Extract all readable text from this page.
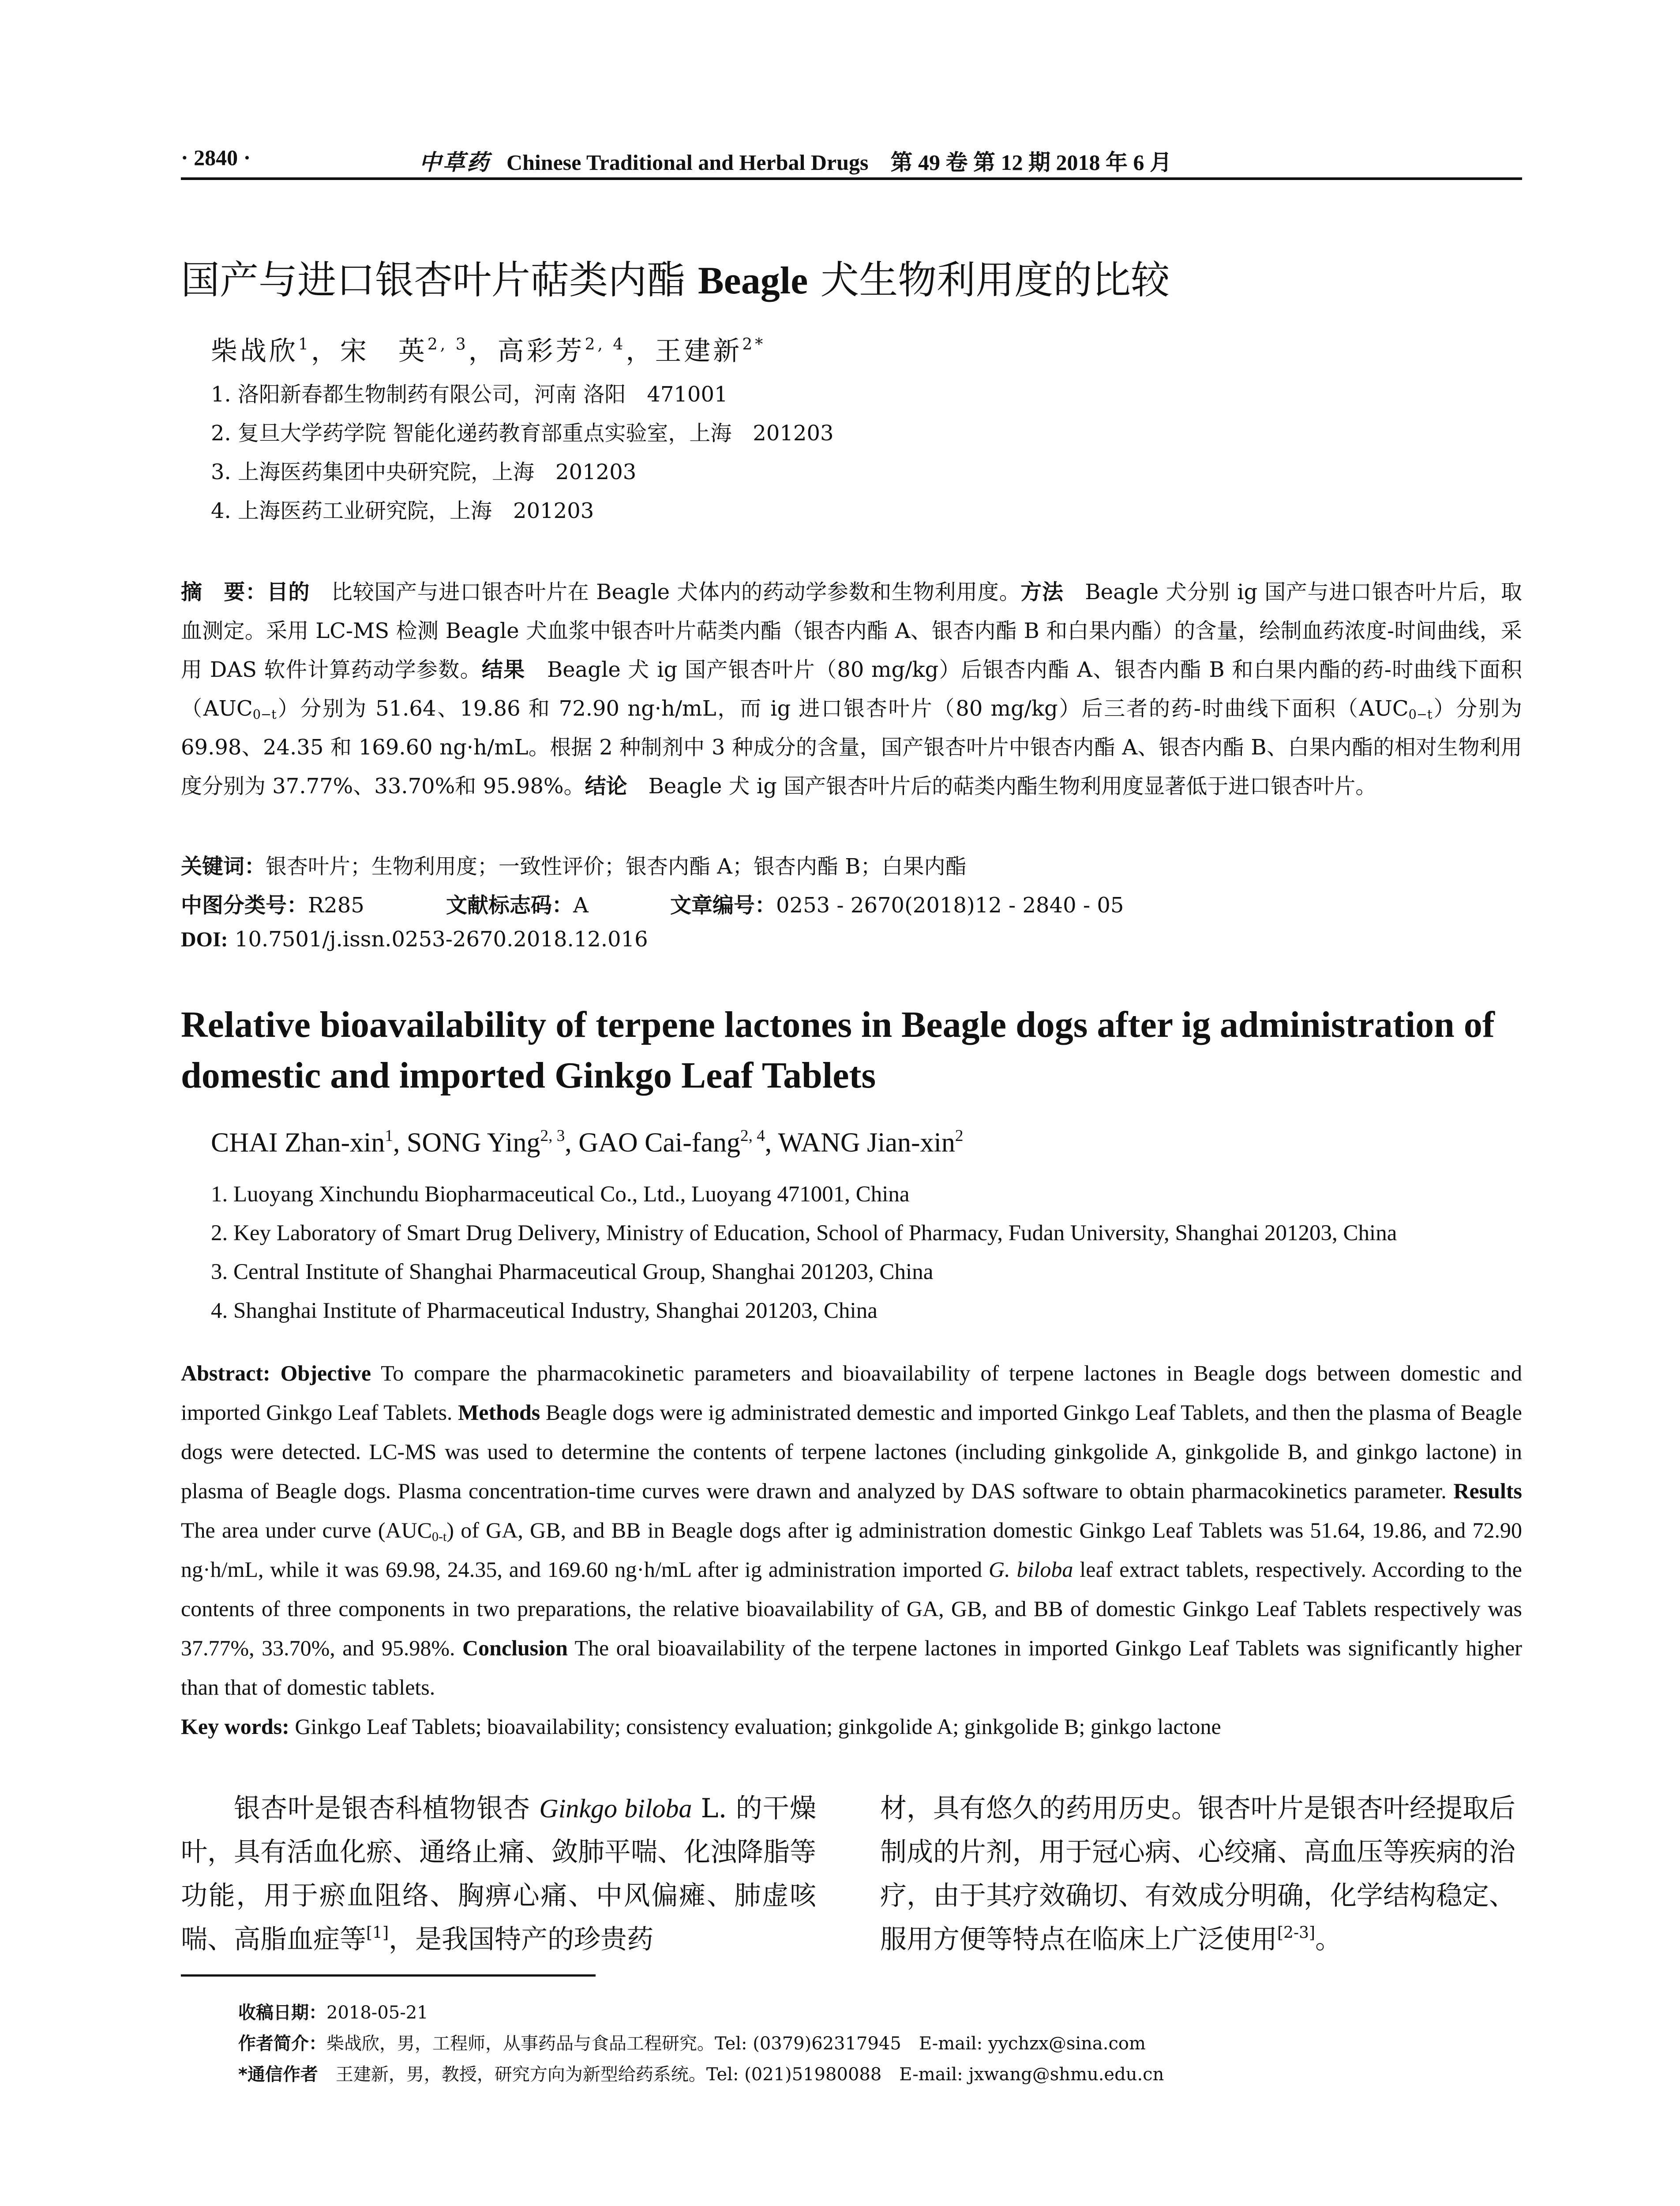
· 2840 ·	中草药 Chinese Traditional and Herbal Drugs 第 49 卷 第 12 期 2018 年 6 月
国产与进口银杏叶片萜类内酯 Beagle 犬生物利用度的比较
柴战欣$^1$，宋　英$^{2, 3}$，高彩芳$^{2, 4}$，王建新$^{2*}$
1. 洛阳新春都生物制药有限公司，河南 洛阳　471001
2. 复旦大学药学院 智能化递药教育部重点实验室，上海　201203
3. 上海医药集团中央研究院，上海　201203
4. 上海医药工业研究院，上海　201203
摘　要：目的　比较国产与进口银杏叶片在 Beagle 犬体内的药动学参数和生物利用度。方法　Beagle 犬分别 ig 国产与进口银杏叶片后，取血测定。采用 LC-MS 检测 Beagle 犬血浆中银杏叶片萜类内酯（银杏内酯 A、银杏内酯 B 和白果内酯）的含量，绘制血药浓度-时间曲线，采用 DAS 软件计算药动学参数。结果　Beagle 犬 ig 国产银杏叶片（80 mg/kg）后银杏内酯 A、银杏内酯 B 和白果内酯的药-时曲线下面积$(AUC_{0-t})$分别为 51.64、19.86 和 72.90 ng·h/mL，而 ig 进口银杏叶片（80 mg/kg）后三者的药-时曲线下面积$(AUC_{0-t})$分别为 69.98、24.35 和 169.60 ng·h/mL。根据 2 种制剂中 3 种成分的含量，国产银杏叶片中银杏内酯 A、银杏内酯 B、白果内酯的相对生物利用度分别为 37.77%、33.70%和 95.98%。结论　Beagle 犬 ig 国产银杏叶片后的萜类内酯生物利用度显著低于进口银杏叶片。
关键词：银杏叶片；生物利用度；一致性评价；银杏内酯 A；银杏内酯 B；白果内酯
中图分类号：R285	文献标志码：A	文章编号：0253 - 2670(2018)12 - 2840 - 05
DOI: 10.7501/j.issn.0253-2670.2018.12.016
Relative bioavailability of terpene lactones in Beagle dogs after ig administration of domestic and imported Ginkgo Leaf Tablets
CHAI Zhan-xin$^1$, SONG Ying$^{2, 3}$, GAO Cai-fang$^{2, 4}$, WANG Jian-xin$^2$
1. Luoyang Xinchundu Biopharmaceutical Co., Ltd., Luoyang 471001, China
2. Key Laboratory of Smart Drug Delivery, Ministry of Education, School of Pharmacy, Fudan University, Shanghai 201203, China
3. Central Institute of Shanghai Pharmaceutical Group, Shanghai 201203, China
4. Shanghai Institute of Pharmaceutical Industry, Shanghai 201203, China
Abstract: Objective To compare the pharmacokinetic parameters and bioavailability of terpene lactones in Beagle dogs between domestic and imported Ginkgo Leaf Tablets. Methods Beagle dogs were ig administrated demestic and imported Ginkgo Leaf Tablets, and then the plasma of Beagle dogs were detected. LC-MS was used to determine the contents of terpene lactones (including ginkgolide A, ginkgolide B, and ginkgo lactone) in plasma of Beagle dogs. Plasma concentration-time curves were drawn and analyzed by DAS software to obtain pharmacokinetics parameter. Results The area under curve $(AUC_{0-t})$ of GA, GB, and BB in Beagle dogs after ig administration domestic Ginkgo Leaf Tablets was 51.64, 19.86, and 72.90 ng·h/mL, while it was 69.98, 24.35, and 169.60 ng·h/mL after ig administration imported G. biloba leaf extract tablets, respectively. According to the contents of three components in two preparations, the relative bioavailability of GA, GB, and BB of domestic Ginkgo Leaf Tablets respectively was 37.77%, 33.70%, and 95.98%. Conclusion The oral bioavailability of the terpene lactones in imported Ginkgo Leaf Tablets was significantly higher than that of domestic tablets.
Key words: Ginkgo Leaf Tablets; bioavailability; consistency evaluation; ginkgolide A; ginkgolide B; ginkgo lactone
银杏叶是银杏科植物银杏 Ginkgo biloba L. 的干燥叶，具有活血化瘀、通络止痛、敛肺平喘、化浊降脂等功能，用于瘀血阻络、胸痹心痛、中风偏瘫、肺虚咳喘、高脂血症等[1]，是我国特产的珍贵药
材，具有悠久的药用历史。银杏叶片是银杏叶经提取后制成的片剂，用于冠心病、心绞痛、高血压等疾病的治疗，由于其疗效确切、有效成分明确，化学结构稳定、服用方便等特点在临床上广泛使用[2-3]。
收稿日期：2018-05-21
作者简介：柴战欣，男，工程师，从事药品与食品工程研究。Tel: (0379)62317945　E-mail: yychzx@sina.com
*通信作者　王建新，男，教授，研究方向为新型给药系统。Tel: (021)51980088　E-mail: jxwang@shmu.edu.cn
